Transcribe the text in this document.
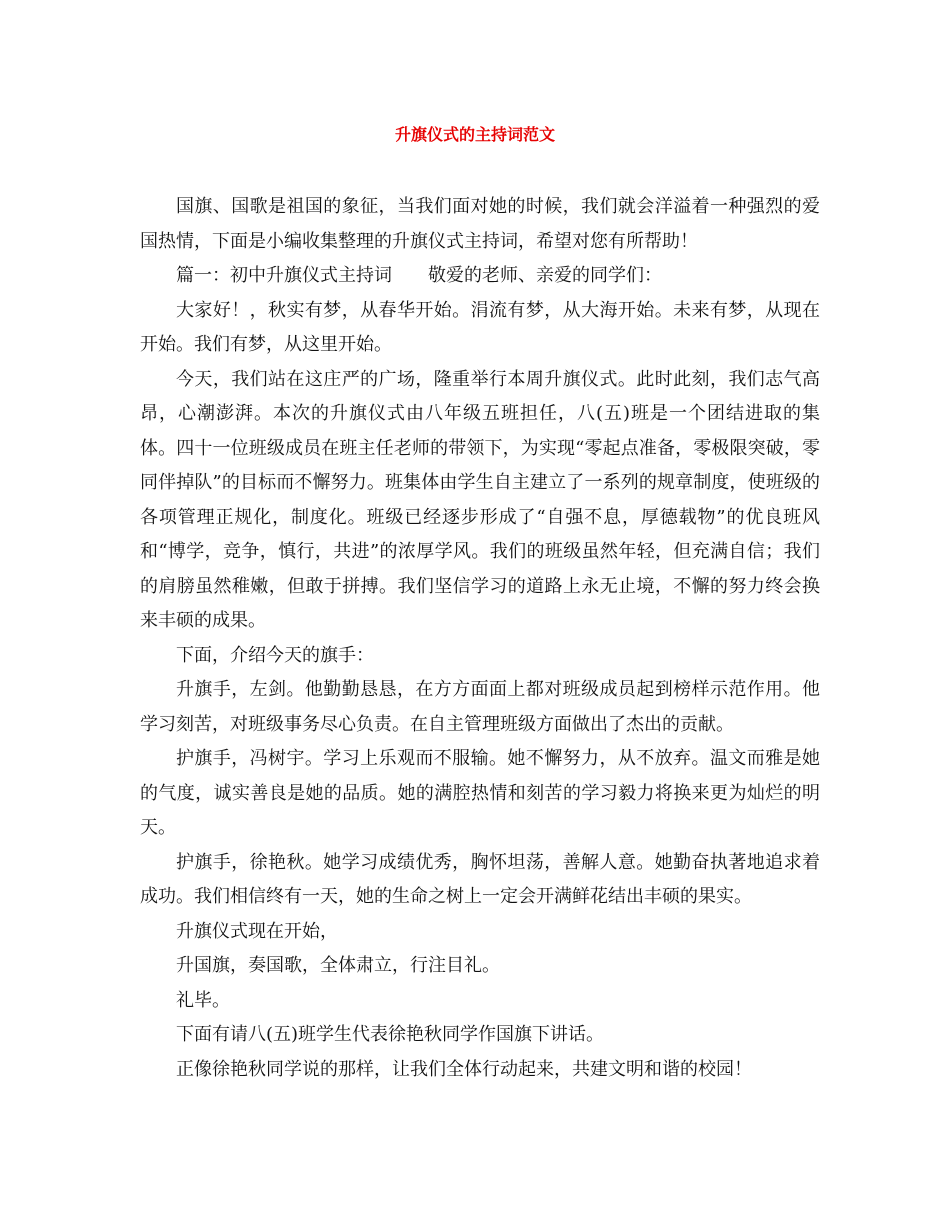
升旗仪式的主持词范文

国旗、国歌是祖国的象征，当我们面对她的时候，我们就会洋溢着一种强烈的爱国热情，下面是小编收集整理的升旗仪式主持词，希望对您有所帮助！

篇一：初中升旗仪式主持词 敬爱的老师、亲爱的同学们：

大家好！，秋实有梦，从春华开始。涓流有梦，从大海开始。未来有梦，从现在开始。我们有梦，从这里开始。

今天，我们站在这庄严的广场，隆重举行本周升旗仪式。此时此刻，我们志气高昂，心潮澎湃。本次的升旗仪式由八年级五班担任，八(五)班是一个团结进取的集体。四十一位班级成员在班主任老师的带领下，为实现“零起点准备，零极限突破，零同伴掉队”的目标而不懈努力。班集体由学生自主建立了一系列的规章制度，使班级的各项管理正规化，制度化。班级已经逐步形成了“自强不息，厚德载物”的优良班风和“博学，竞争，慎行，共进”的浓厚学风。我们的班级虽然年轻，但充满自信；我们的肩膀虽然稚嫩，但敢于拼搏。我们坚信学习的道路上永无止境，不懈的努力终会换来丰硕的成果。

下面，介绍今天的旗手：

升旗手，左剑。他勤勤恳恳，在方方面面上都对班级成员起到榜样示范作用。他学习刻苦，对班级事务尽心负责。在自主管理班级方面做出了杰出的贡献。

护旗手，冯树宇。学习上乐观而不服输。她不懈努力，从不放弃。温文而雅是她的气度，诚实善良是她的品质。她的满腔热情和刻苦的学习毅力将换来更为灿烂的明天。

护旗手，徐艳秋。她学习成绩优秀，胸怀坦荡，善解人意。她勤奋执著地追求着成功。我们相信终有一天，她的生命之树上一定会开满鲜花结出丰硕的果实。

升旗仪式现在开始，

升国旗，奏国歌，全体肃立，行注目礼。

礼毕。

下面有请八(五)班学生代表徐艳秋同学作国旗下讲话。

正像徐艳秋同学说的那样，让我们全体行动起来，共建文明和谐的校园！
